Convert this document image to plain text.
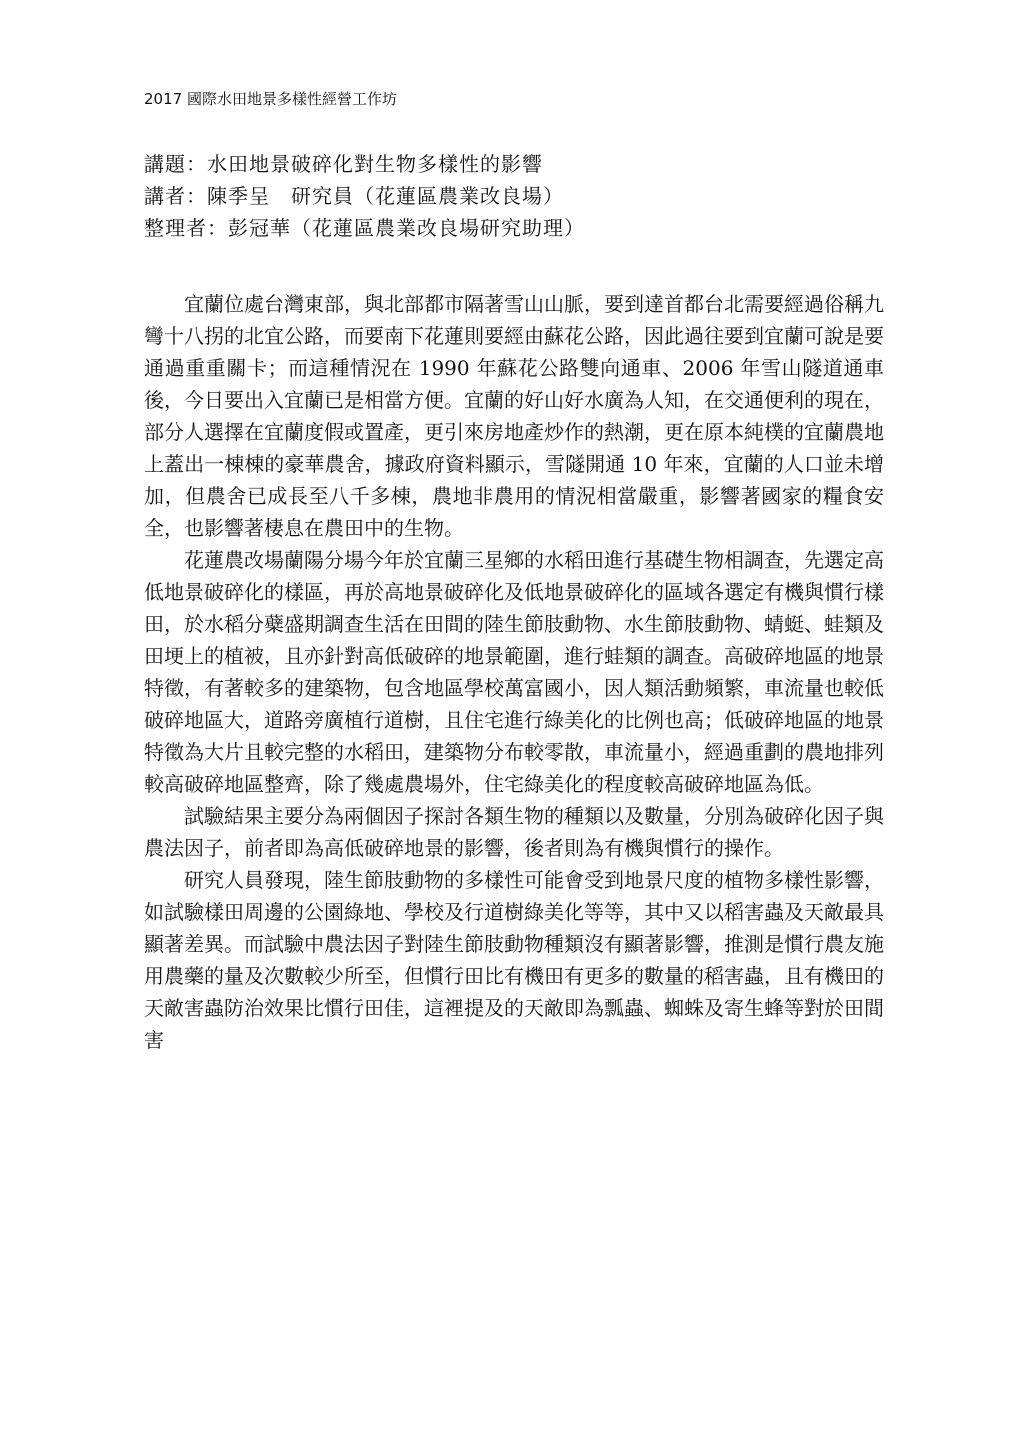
2017 國際水田地景多樣性經營工作坊
講題：水田地景破碎化對生物多樣性的影響
講者：陳季呈　研究員（花蓮區農業改良場）
整理者：彭冠華（花蓮區農業改良場研究助理）

宜蘭位處台灣東部，與北部都市隔著雪山山脈，要到達首都台北需要經過俗稱九彎十八拐的北宜公路，而要南下花蓮則要經由蘇花公路，因此過往要到宜蘭可說是要通過重重關卡；而這種情況在 1990 年蘇花公路雙向通車、2006 年雪山隧道通車後，今日要出入宜蘭已是相當方便。宜蘭的好山好水廣為人知，在交通便利的現在，部分人選擇在宜蘭度假或置產，更引來房地產炒作的熱潮，更在原本純樸的宜蘭農地上蓋出一棟棟的豪華農舍，據政府資料顯示，雪隧開通 10 年來，宜蘭的人口並未增加，但農舍已成長至八千多棟，農地非農用的情況相當嚴重，影響著國家的糧食安全，也影響著棲息在農田中的生物。

花蓮農改場蘭陽分場今年於宜蘭三星鄉的水稻田進行基礎生物相調查，先選定高低地景破碎化的樣區，再於高地景破碎化及低地景破碎化的區域各選定有機與慣行樣田，於水稻分蘗盛期調查生活在田間的陸生節肢動物、水生節肢動物、蜻蜓、蛙類及田埂上的植被，且亦針對高低破碎的地景範圍，進行蛙類的調查。高破碎地區的地景特徵，有著較多的建築物，包含地區學校萬富國小，因人類活動頻繁，車流量也較低破碎地區大，道路旁廣植行道樹，且住宅進行綠美化的比例也高；低破碎地區的地景特徵為大片且較完整的水稻田，建築物分布較零散，車流量小，經過重劃的農地排列較高破碎地區整齊，除了幾處農場外，住宅綠美化的程度較高破碎地區為低。

試驗結果主要分為兩個因子探討各類生物的種類以及數量，分別為破碎化因子與農法因子，前者即為高低破碎地景的影響，後者則為有機與慣行的操作。

研究人員發現，陸生節肢動物的多樣性可能會受到地景尺度的植物多樣性影響，如試驗樣田周邊的公園綠地、學校及行道樹綠美化等等，其中又以稻害蟲及天敵最具顯著差異。而試驗中農法因子對陸生節肢動物種類沒有顯著影響，推測是慣行農友施用農藥的量及次數較少所至，但慣行田比有機田有更多的數量的稻害蟲，且有機田的天敵害蟲防治效果比慣行田佳，這裡提及的天敵即為瓢蟲、蜘蛛及寄生蜂等對於田間害
